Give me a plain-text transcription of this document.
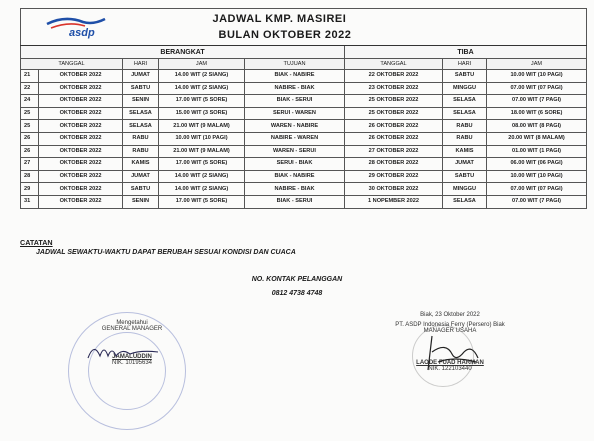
asdp				JADWAL KMP. MASIREI
BULAN OKTOBER 2022			

BERANGKAT					TIBA		
TANGGAL		HARI	JAM	TUJUAN	TANGGAL	HARI	JAM
21	OKTOBER 2022	JUMAT	14.00 WIT (2 SIANG)	BIAK - NABIRE	22 OKTOBER 2022	SABTU	10.00 WIT (10 PAGI)
22	OKTOBER 2022	SABTU	14.00 WIT (2 SIANG)	NABIRE - BIAK	23 OKTOBER 2022	MINGGU	07.00 WIT (07 PAGI)
24	OKTOBER 2022	SENIN	17.00 WIT (5 SORE)	BIAK - SERUI	25 OKTOBER 2022	SELASA	07.00 WIT (7 PAGI)
25	OKTOBER 2022	SELASA	15.00 WIT (3 SORE)	SERUI - WAREN	25 OKTOBER 2022	SELASA	18.00 WIT (6 SORE)
25	OKTOBER 2022	SELASA	21.00 WIT (9 MALAM)	WAREN - NABIRE	26 OKTOBER 2022	RABU	08.00 WIT (8 PAGI)
26	OKTOBER 2022	RABU	10.00 WIT (10 PAGI)	NABIRE - WAREN	26 OKTOBER 2022	RABU	20.00 WIT (8 MALAM)
26	OKTOBER 2022	RABU	21.00 WIT (9 MALAM)	WAREN - SERUI	27 OKTOBER 2022	KAMIS	01.00 WIT (1 PAGI)
27	OKTOBER 2022	KAMIS	17.00 WIT (5 SORE)	SERUI - BIAK	28 OKTOBER 2022	JUMAT	06.00 WIT (06 PAGI)
28	OKTOBER 2022	JUMAT	14.00 WIT (2 SIANG)	BIAK - NABIRE	29 OKTOBER 2022	SABTU	10.00 WIT (10 PAGI)
29	OKTOBER 2022	SABTU	14.00 WIT (2 SIANG)	NABIRE - BIAK	30 OKTOBER 2022	MINGGU	07.00 WIT (07 PAGI)
31	OKTOBER 2022	SENIN	17.00 WIT (5 SORE)	BIAK - SERUI	1 NOPEMBER 2022	SELASA	07.00 WIT (7 PAGI)
CATATAN
JADWAL SEWAKTU-WAKTU DAPAT BERUBAH SESUAI KONDISI DAN CUACA
NO. KONTAK PELANGGAN
0812 4738 4748
Mengetahui
GENERAL MANAGER
JAMALUDDIN
NIK. 10195634
Biak, 23 Oktober 2022
PT. ASDP Indonesia Ferry (Persero) Biak
MANAGER USAHA
LAODE FUAD HARMAN
NIK. 122103440
